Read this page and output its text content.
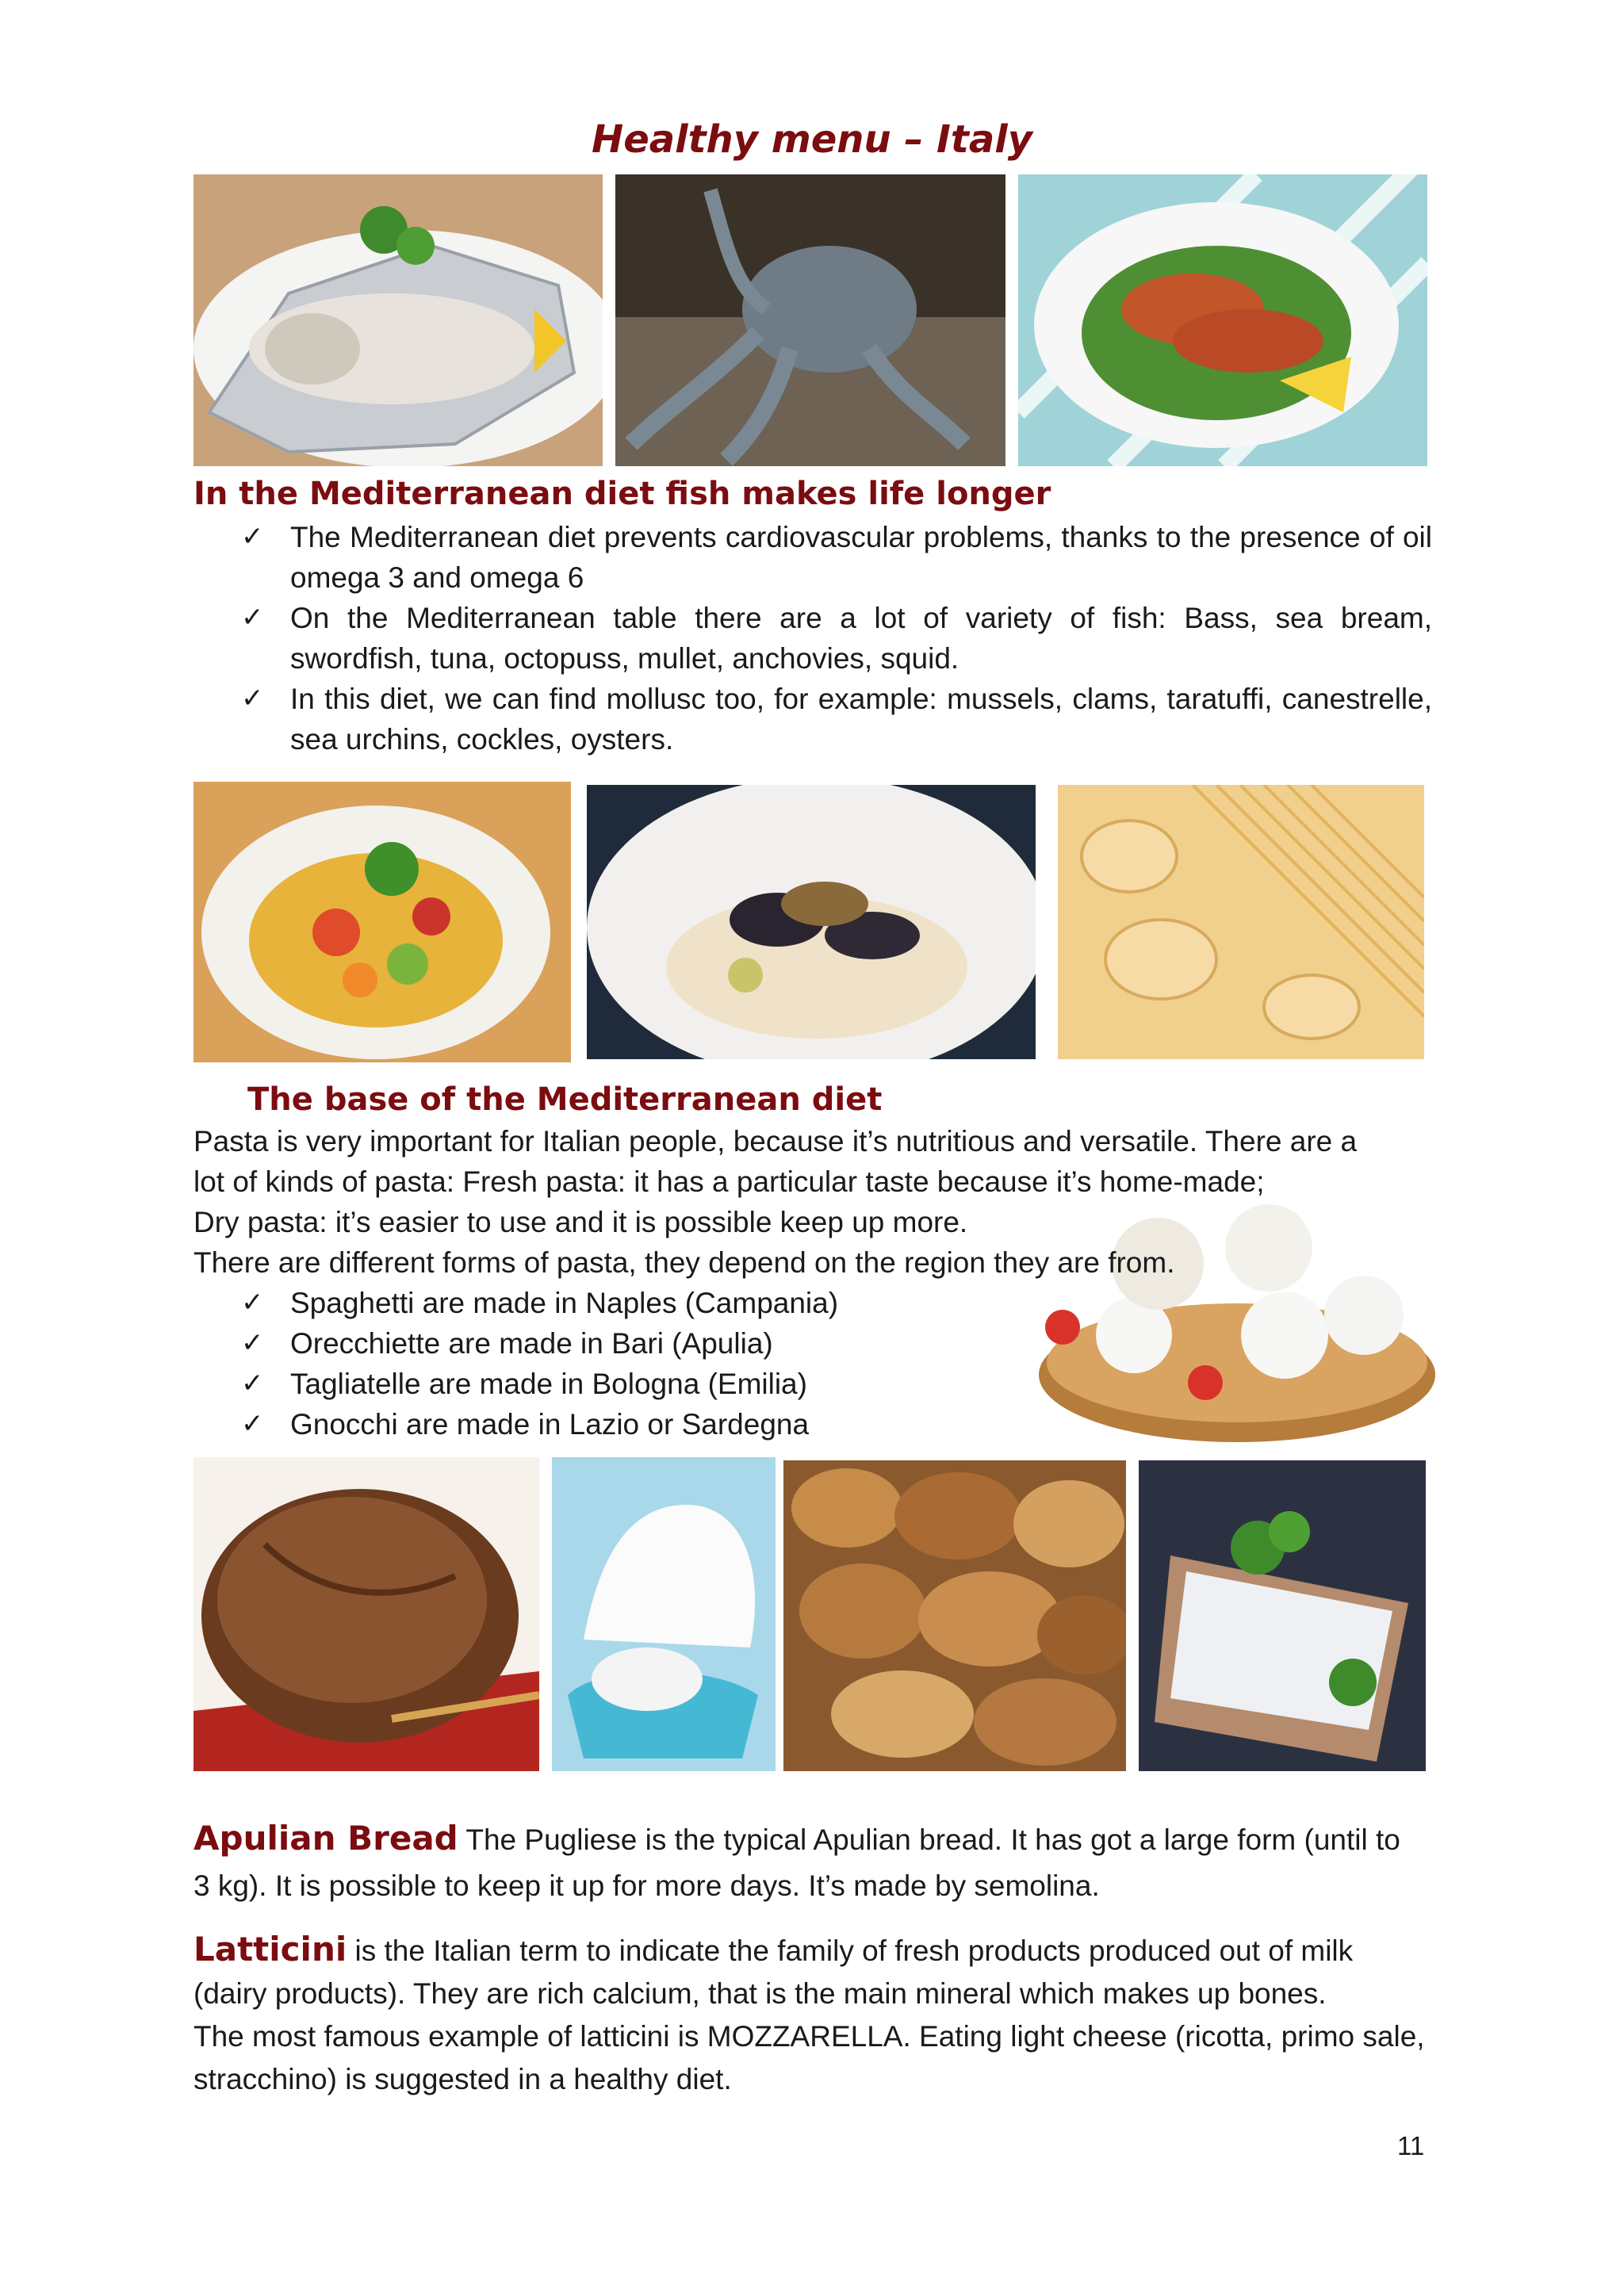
Healthy menu – Italy
In the Mediterranean diet fish makes life longer
✓ The Mediterranean diet prevents cardiovascular problems, thanks to the presence of oil omega 3 and omega 6
✓ On the Mediterranean table there are a lot of variety of fish: Bass, sea bream, swordfish, tuna, octopuss, mullet, anchovies, squid.
✓ In this diet, we can find mollusc too, for example: mussels, clams, taratuffi, canestrelle, sea urchins, cockles, oysters.
The base of the Mediterranean diet

Pasta is very important for Italian people, because it’s nutritious and versatile. There are a
lot of kinds of pasta: Fresh pasta: it has a particular taste because it’s home-made;
Dry pasta: it’s easier to use and it is possible keep up more.
There are different forms of pasta, they depend on the region they are from.

✓ Spaghetti are made in Naples (Campania)
✓ Orecchiette are made in Bari (Apulia)
✓ Tagliatelle are made in Bologna (Emilia)
✓ Gnocchi are made in Lazio or Sardegna

Apulian Bread The Pugliese is the typical Apulian bread. It has got a large form (until to
3 kg). It is possible to keep it up for more days. It’s made by semolina.

Latticini is the Italian term to indicate the family of fresh products produced out of milk
(dairy products). They are rich calcium, that is the main mineral which makes up bones.
The most famous example of latticini is MOZZARELLA. Eating light cheese (ricotta, primo sale,
stracchino) is suggested in a healthy diet.

11
